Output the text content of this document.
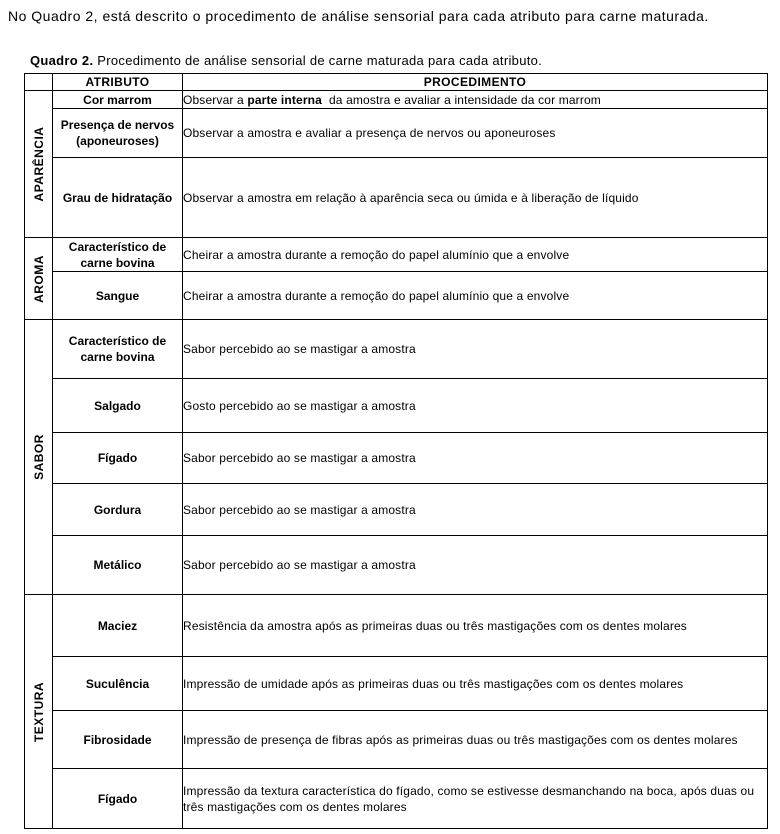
No Quadro 2, está descrito o procedimento de análise sensorial para cada atributo para carne maturada.
Quadro 2. Procedimento de análise sensorial de carne maturada para cada atributo.
	ATRIBUTO	PROCEDIMENTO

APARÊNCIA	Cor marrom	Observar a parte interna  da amostra e avaliar a intensidade da cor marrom
	Presença de nervos (aponeuroses)	Observar a amostra e avaliar a presença de nervos ou aponeuroses
	Grau de hidratação	Observar a amostra em relação à aparência seca ou úmida e à liberação de líquido

AROMA	Característico de carne bovina	Cheirar a amostra durante a remoção do papel alumínio que a envolve
	Sangue	Cheirar a amostra durante a remoção do papel alumínio que a envolve

SABOR	Característico de carne bovina	Sabor percebido ao se mastigar a amostra
	Salgado	Gosto percebido ao se mastigar a amostra
	Fígado	Sabor percebido ao se mastigar a amostra
	Gordura	Sabor percebido ao se mastigar a amostra
	Metálico	Sabor percebido ao se mastigar a amostra

TEXTURA	Maciez	Resistência da amostra após as primeiras duas ou três mastigações com os dentes molares
	Suculência	Impressão de umidade após as primeiras duas ou três mastigações com os dentes molares
	Fibrosidade	Impressão de presença de fibras após as primeiras duas ou três mastigações com os dentes molares
	Fígado	Impressão da textura característica do fígado, como se estivesse desmanchando na boca, após duas ou três mastigações com os dentes molares
